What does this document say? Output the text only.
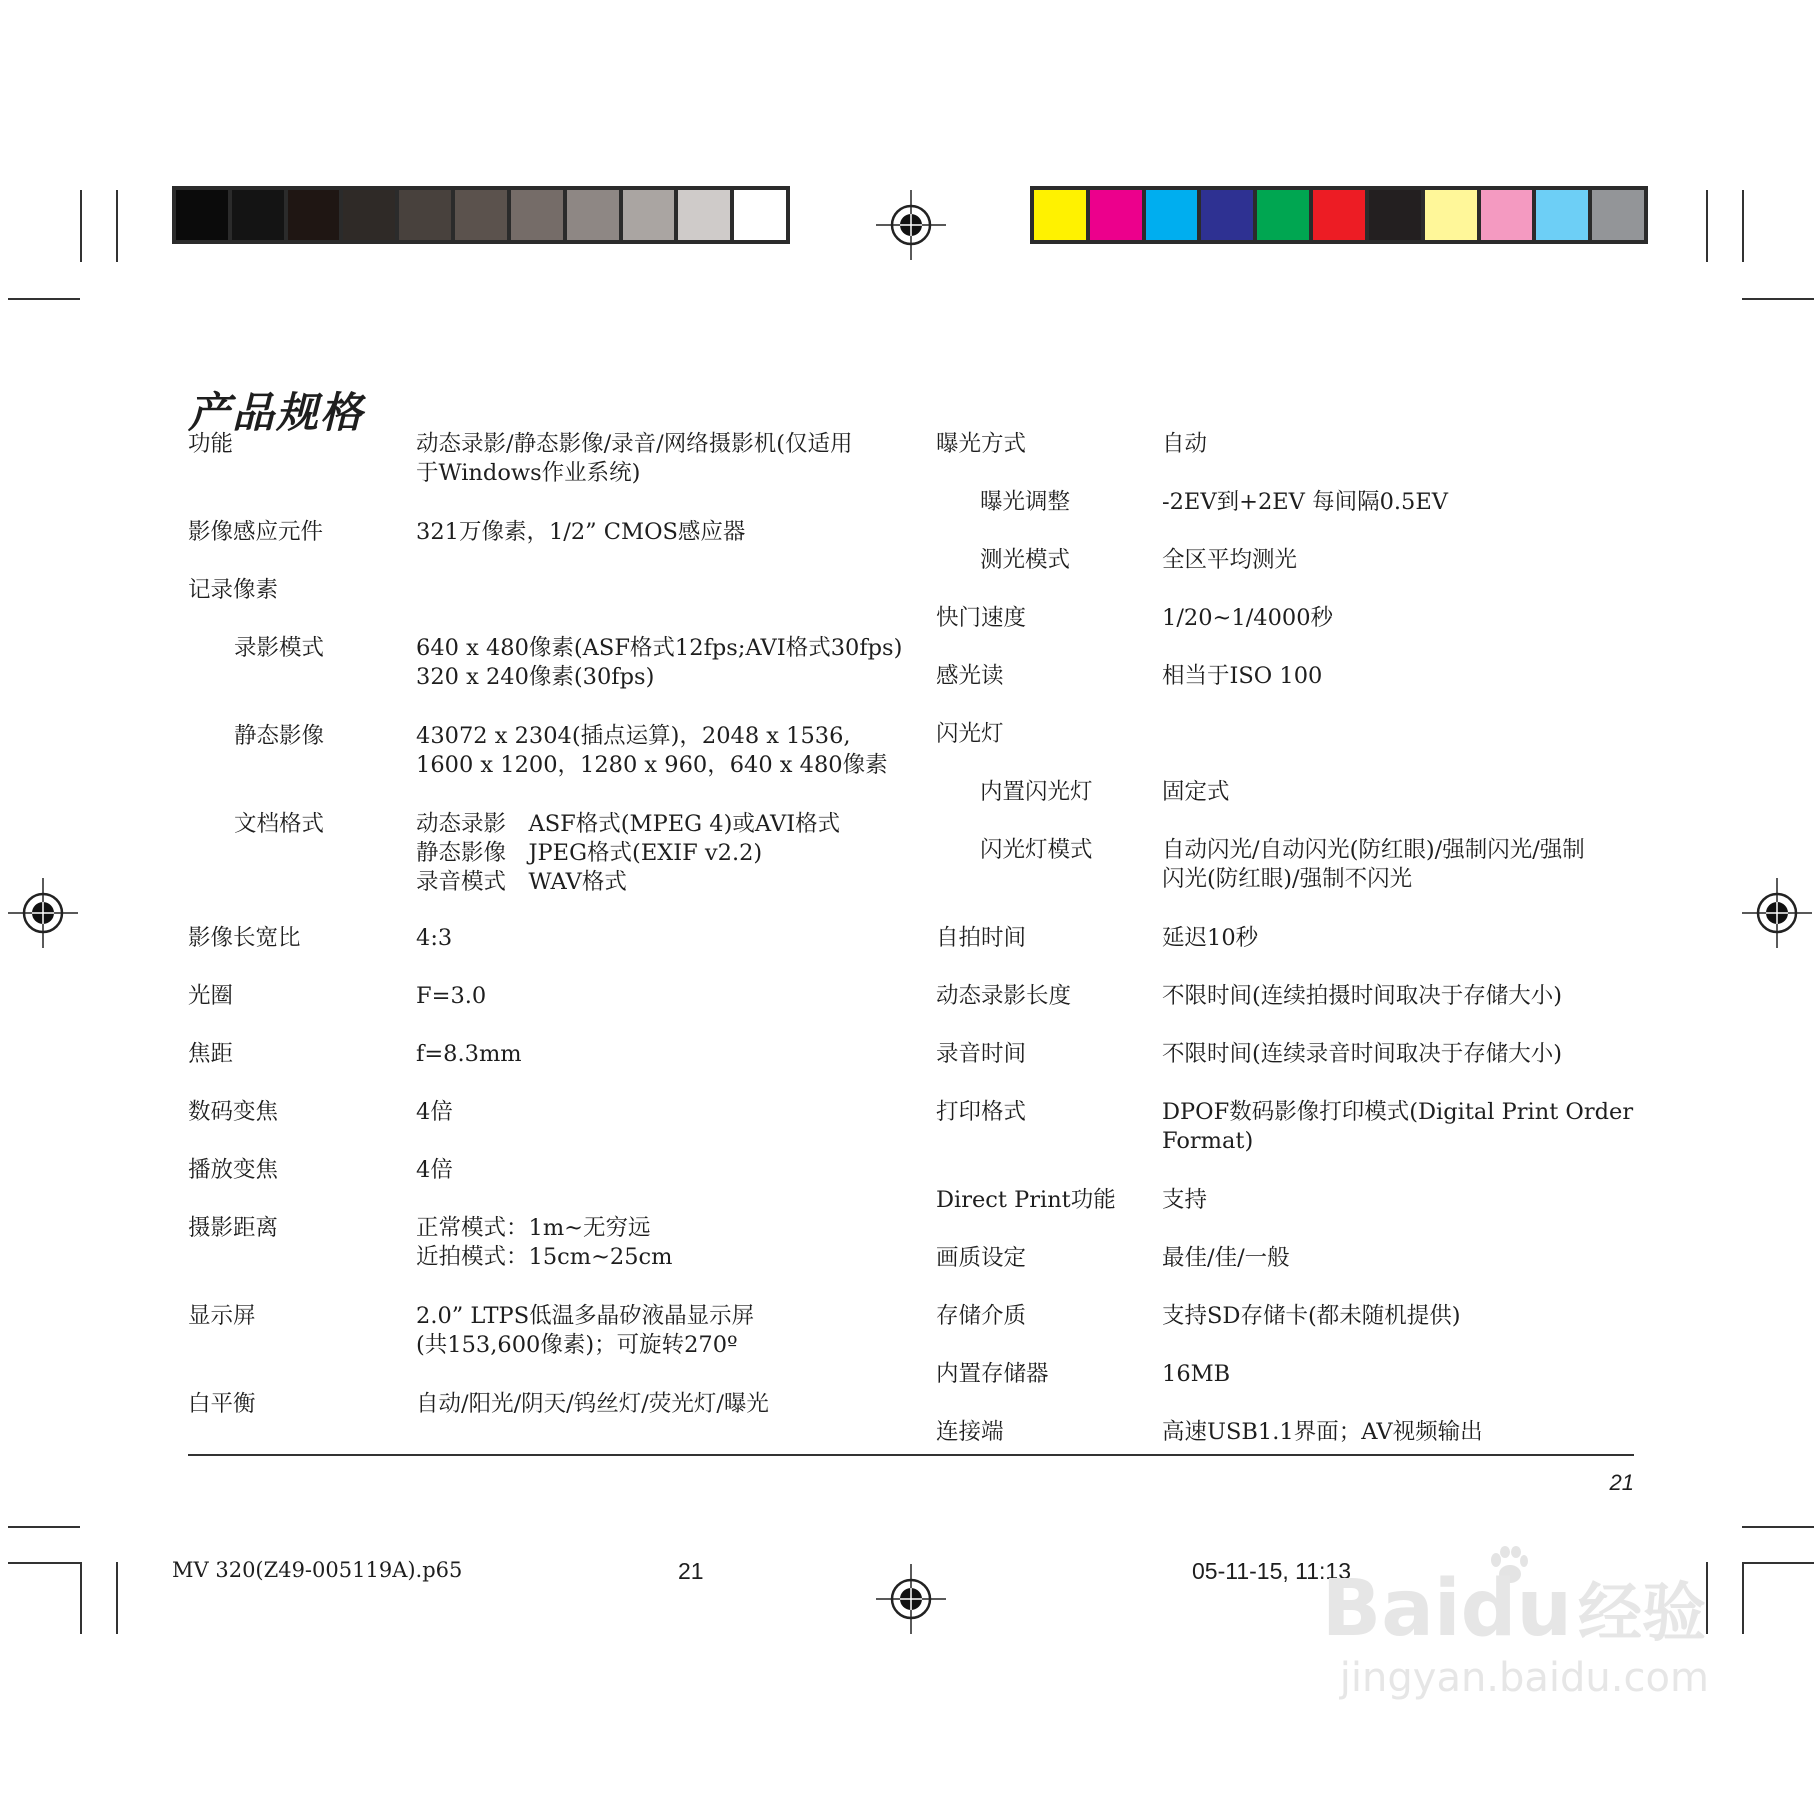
产品规格
功能	动态录影/静态影像/录音/网络摄影机(仅适用
于Windows作业系统)
影像感应元件	321万像素，1/2” CMOS感应器
记录像素
录影模式	640 x 480像素(ASF格式12fps;AVI格式30fps)
320 x 240像素(30fps)
静态影像	43072 x 2304(插点运算)，2048 x 1536,
1600 x 1200，1280 x 960，640 x 480像素
文档格式	动态录影　ASF格式(MPEG 4)或AVI格式
静态影像　JPEG格式(EXIF v2.2)
录音模式　WAV格式
影像长宽比	4:3
光圈	F=3.0
焦距	f=8.3mm
数码变焦	4倍
播放变焦	4倍
摄影距离	正常模式：1m~无穷远
近拍模式：15cm~25cm
显示屏	2.0” LTPS低温多晶矽液晶显示屏
(共153,600像素)；可旋转270º
白平衡	自动/阳光/阴天/钨丝灯/荧光灯/曝光
曝光方式	自动
曝光调整	-2EV到+2EV 每间隔0.5EV
测光模式	全区平均测光
快门速度	1/20~1/4000秒
感光读	相当于ISO 100
闪光灯
内置闪光灯	固定式
闪光灯模式	自动闪光/自动闪光(防红眼)/强制闪光/强制
闪光(防红眼)/强制不闪光
自拍时间	延迟10秒
动态录影长度	不限时间(连续拍摄时间取决于存储大小)
录音时间	不限时间(连续录音时间取决于存储大小)
打印格式	DPOF数码影像打印模式(Digital Print Order
Format)
Direct Print功能 支持
画质设定	最佳/佳/一般
存储介质	支持SD存储卡(都未随机提供)
内置存储器	16MB
连接端	高速USB1.1界面；AV视频输出
21
MV 320(Z49-005119A).p65	21	05-11-15, 11:13
Baidu经验
jingyan.baidu.com
